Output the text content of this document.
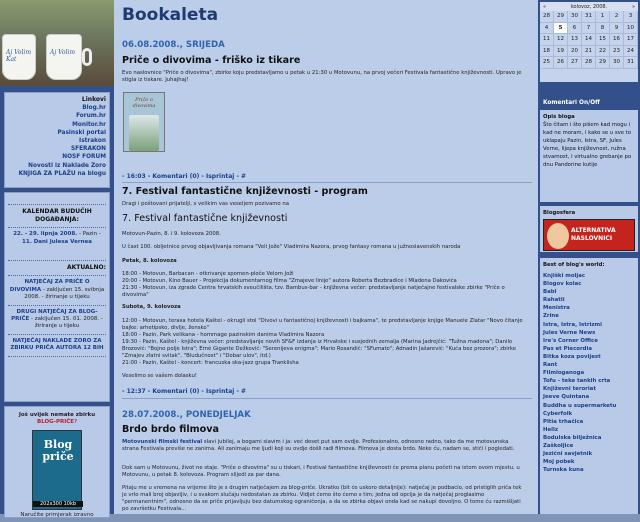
Aj Volim Kat
Aj Volim
Linkovi
Blog.hr
Forum.hr
Monitor.hr
Pasinski portal
Istrakon
SFERAKON
NOSF FORUM
Novosti iz Naklade Zoro
KNJIGA ZA PLAŽU na blogu
KALENDAR BUDUĆIH DOGAĐANJA:
22. - 29. lipnja 2008. - Pazin - 11. Dani Julesa Vernea
AKTUALNO:
NATJEČAJ ZA PRIČE O DIVOVIMA - zaključen 15. svibnja 2008. - žiriranje u tijeku
DRUGI NATJEČAJ ZA BLOG-PRIČE - zaključen 15. 01. 2008. - žiriranje u tijeku
NATJEČAJ NAKLADE ZORO ZA ZBIRKU PRIČA AUTORA 12 BIH
Još uvijek nemate zbirku
BLOG-PRIČE?
Blog
priče
202x300 10kb
Naručite primjerak izravno
Bookaleta
06.08.2008., SRIJEDA
Priče o divovima - friško iz tikare
Evo naslovnice "Priče o divovima", zbirke koju predstavljamo u petak u 21:30 u Motovunu, na prvoj večeri Festivala fantastične književnosti. Upravo je stigla iz tiskare. Juhajhaj!
Priče o divovima
- 16:03 - Komentari (0) - Isprintaj - #
7. Festival fantastične književnosti - program
Dragi i poštovani prijatelji, s velikim vas veseljem pozivamo na
7. Festival fantastične književnosti
Motovun-Pazin, 8. i 9. kolovoza 2008.
U čast 100. obljetnice prvog objavljivanja romana "Veli Jože" Vladimira Nazora, prvog fantasy romana u južnoslavenskih naroda
Petak, 8. kolovoza
18:00 - Motovun, Barbacan - otkrivanje spomen-ploče Velom Joži
20:00 - Motovun, Kino Bauer - Projekcija dokumentarnog filma "Zmajeve linije" autora Roberta Bezbradice i Mladena Dakovića
21:30 - Motovun, iza zgrade Centra hrvatskih sveučilišta, tzv. Bambus-bar - književna večer: predstavljanje natječajne festivalske zbirke "Priče o divovima"
Subota, 9. kolovoza
12:00 - Motovun, terasa hotela Kaštel - okrugli stol "Divovi u fantastičnoj književnosti i bajkama", te predstavljanje knjige Manuele Zlatar "Novo čitanje bajke: arhetipsko, divlje, žensko"
18:00 - Pazin, Park velikana - hommage pazinskim danima Vladimira Nazora
19:30 - Pazin, Kaštel - književna večer: predstavljanje novih SF&F izdanja iz Hrvatske i susjednih zemalja (Marina Jadrejčić: "Tužna madona"; Danilo Brozović: "Bojno polje Istra"; Ernè Gigante Dežković: "Serenijeva enigma"; Mario Rosandić: "SFumato"; Adnadin Jašarević: "Kuća bez prozora"; zbirke "Zmajev zlatni svitak", "Bludučnost" i "Dobar ulov", itd.)
21:00 - Pazin, Kaštel - koncert: francuska ska-jazz grupa Tranklisha
Veselimo se vašem dolasku!
- 12:37 - Komentari (0) - Isprintaj - #
28.07.2008., PONEDJELJAK
Brdo brdo filmova
Motovunski filmski festival slavi jubilej, a bogami slavim i ja: već deset put sam ovdje. Profesionalno, odnosno radno, tako da me motovunska strana Festivala previše ne zanima. Ali zanimaju me ljudi koji su ovdje došli radi filmova. Filmova je dosta brdo. Neke ću, nadam se, stići i pogledati.
Dok sam u Motovunu, život ne staje. "Priče o divovima" su u tiskari, i Festival fantastične književnosti će prema planu početi na istom ovom mjestu, u Motovunu, u petak 8. kolovoza. Program slijedi za par dana.
Pitaju me u vremena na vrijeme što je s drugim natječajem za blog-priče. Ukratko (bit će uskoro detaljnije): natječaj je podbacio, od pristiglih priča tek je vrlo mali broj objavljiv, i u svakom slučaju nedostatan za zbirku. Vidjet ćemo što ćemo s tim; jedna od opcija je da natječaj proglasimo "permanentnim", odnosno da se priče prijavljuju bez datumskog ograničenja, a da se zbirka objavi onda kad se nakupi dovoljno. O tome ću razmišljati po završetku Festivala...
«	kolovoz, 2008.	»
28	29	30	31	1	2	3
4	5	6	7	8	9	10
11	12	13	14	15	16	17
18	19	20	21	22	23	24
25	26	27	28	29	30	31
Komentari On/Off
Opis bloga
Što čitam i što pišem kad mogu i kad ne moram, i kako se u sve to uklapaju Pazin, Istra, SF, Jules Verne, lijepa književnost, ružna stvarnost, i virtualno grebanje po dnu Pandorine kutije
Blogosfera
ALTERNATIVA NASLOVNICI
Best of blog's world:
Knjiški moljac
Blogov kolac
Babl
Rahatli
Menistra
Zrine
Istra, Istra, Istrizmi
Jules Verne News
Ire's Corner Office
Pas et Piecordia
Bitka koza povijest
Rant
Filmloganoga
Tofu - teke tankih crta
Književni teroriat
Jeeve Quintana
Buddha u supermarketu
Cyberfolk
Pltia trhačica
Hellz
Bodulska bilježnica
Zaškoljice
Jezični savjetnik
Moj pobek
Turnska kuna
